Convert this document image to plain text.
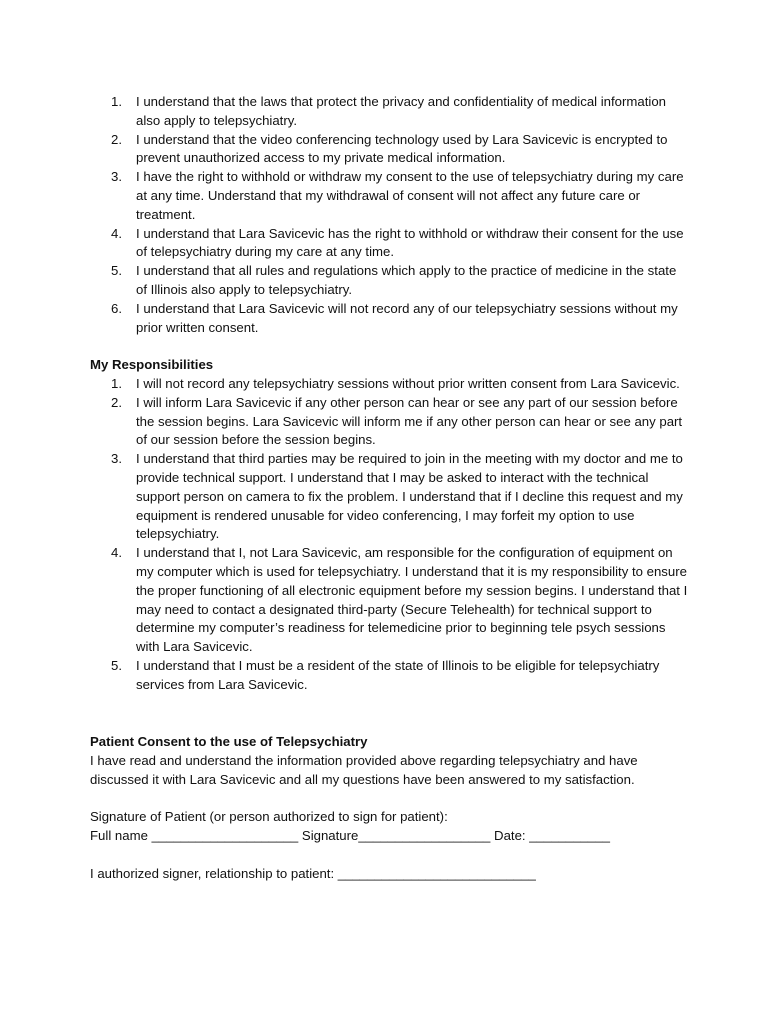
1. I understand that the laws that protect the privacy and confidentiality of medical information also apply to telepsychiatry.
2. I understand that the video conferencing technology used by Lara Savicevic is encrypted to prevent unauthorized access to my private medical information.
3. I have the right to withhold or withdraw my consent to the use of telepsychiatry during my care at any time. Understand that my withdrawal of consent will not affect any future care or treatment.
4. I understand that Lara Savicevic has the right to withhold or withdraw their consent for the use of telepsychiatry during my care at any time.
5. I understand that all rules and regulations which apply to the practice of medicine in the state of Illinois also apply to telepsychiatry.
6. I understand that Lara Savicevic will not record any of our telepsychiatry sessions without my prior written consent.
My Responsibilities
1. I will not record any telepsychiatry sessions without prior written consent from Lara Savicevic.
2. I will inform Lara Savicevic if any other person can hear or see any part of our session before the session begins. Lara Savicevic will inform me if any other person can hear or see any part of our session before the session begins.
3. I understand that third parties may be required to join in the meeting with my doctor and me to provide technical support. I understand that I may be asked to interact with the technical support person on camera to fix the problem. I understand that if I decline this request and my equipment is rendered unusable for video conferencing, I may forfeit my option to use telepsychiatry.
4. I understand that I, not Lara Savicevic, am responsible for the configuration of equipment on my computer which is used for telepsychiatry. I understand that it is my responsibility to ensure the proper functioning of all electronic equipment before my session begins. I understand that I may need to contact a designated third-party (Secure Telehealth) for technical support to determine my computer’s readiness for telemedicine prior to beginning tele psych sessions with Lara Savicevic.
5. I understand that I must be a resident of the state of Illinois to be eligible for telepsychiatry services from Lara Savicevic.
Patient Consent to the use of Telepsychiatry
I have read and understand the information provided above regarding telepsychiatry and have
discussed it with Lara Savicevic and all my questions have been answered to my satisfaction.
Signature of Patient (or person authorized to sign for patient):
Full name ____________________ Signature__________________ Date: ___________
I authorized signer, relationship to patient: ___________________________
